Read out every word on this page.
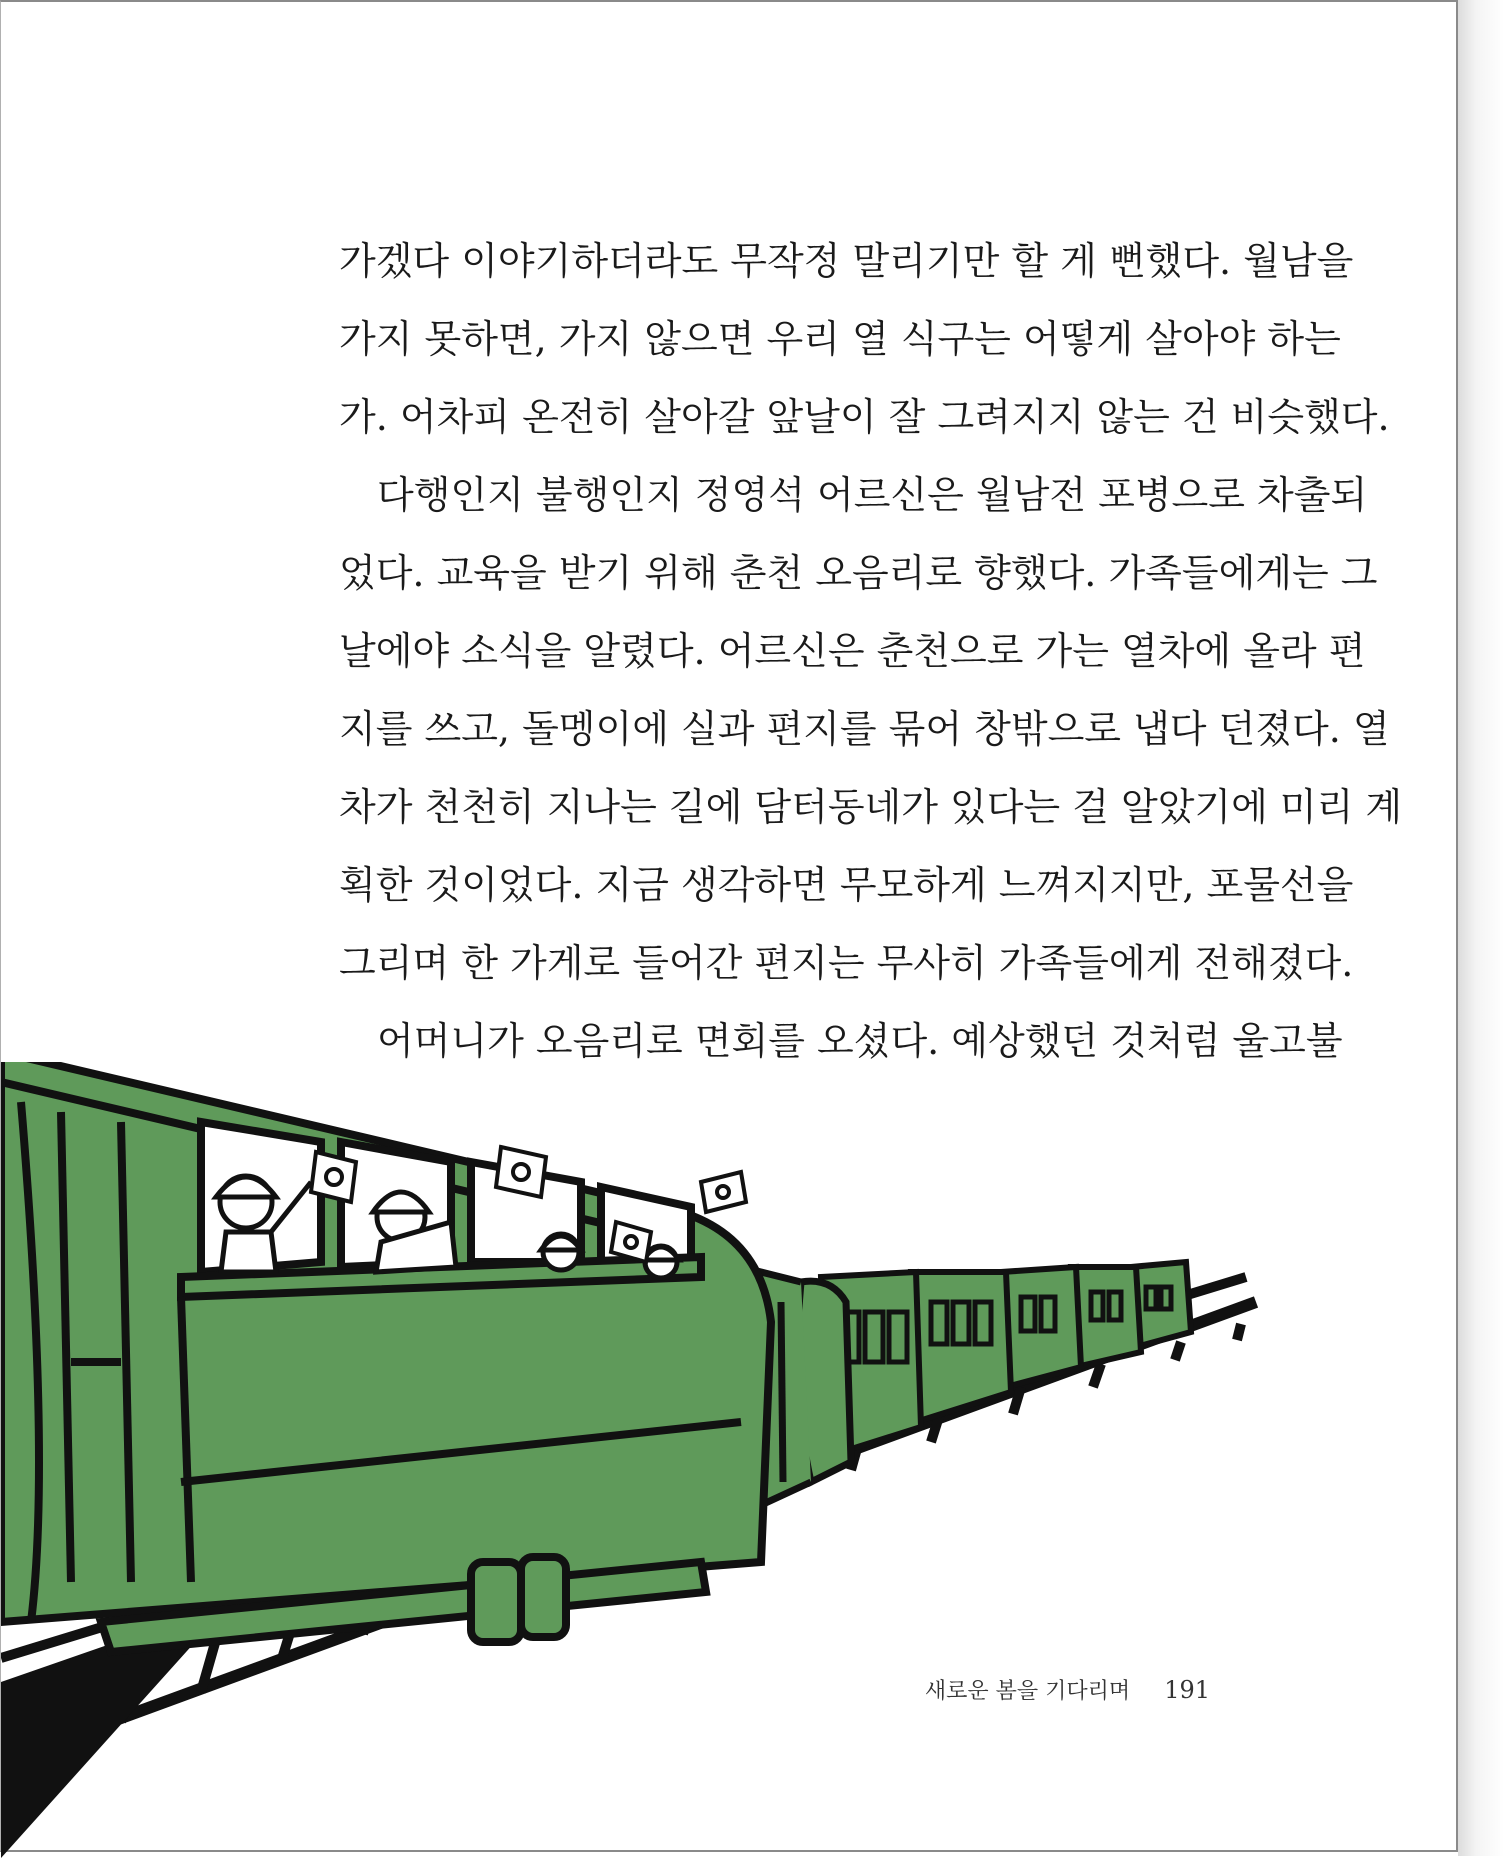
가겠다 이야기하더라도 무작정 말리기만 할 게 뻔했다. 월남을
가지 못하면, 가지 않으면 우리 열 식구는 어떻게 살아야 하는
가. 어차피 온전히 살아갈 앞날이 잘 그려지지 않는 건 비슷했다.
다행인지 불행인지 정영석 어르신은 월남전 포병으로 차출되
었다. 교육을 받기 위해 춘천 오음리로 향했다. 가족들에게는 그
날에야 소식을 알렸다. 어르신은 춘천으로 가는 열차에 올라 편
지를 쓰고, 돌멩이에 실과 편지를 묶어 창밖으로 냅다 던졌다. 열
차가 천천히 지나는 길에 담터동네가 있다는 걸 알았기에 미리 계
획한 것이었다. 지금 생각하면 무모하게 느껴지지만, 포물선을
그리며 한 가게로 들어간 편지는 무사히 가족들에게 전해졌다.
어머니가 오음리로 면회를 오셨다. 예상했던 것처럼 울고불
새로운 봄을 기다리며 191
